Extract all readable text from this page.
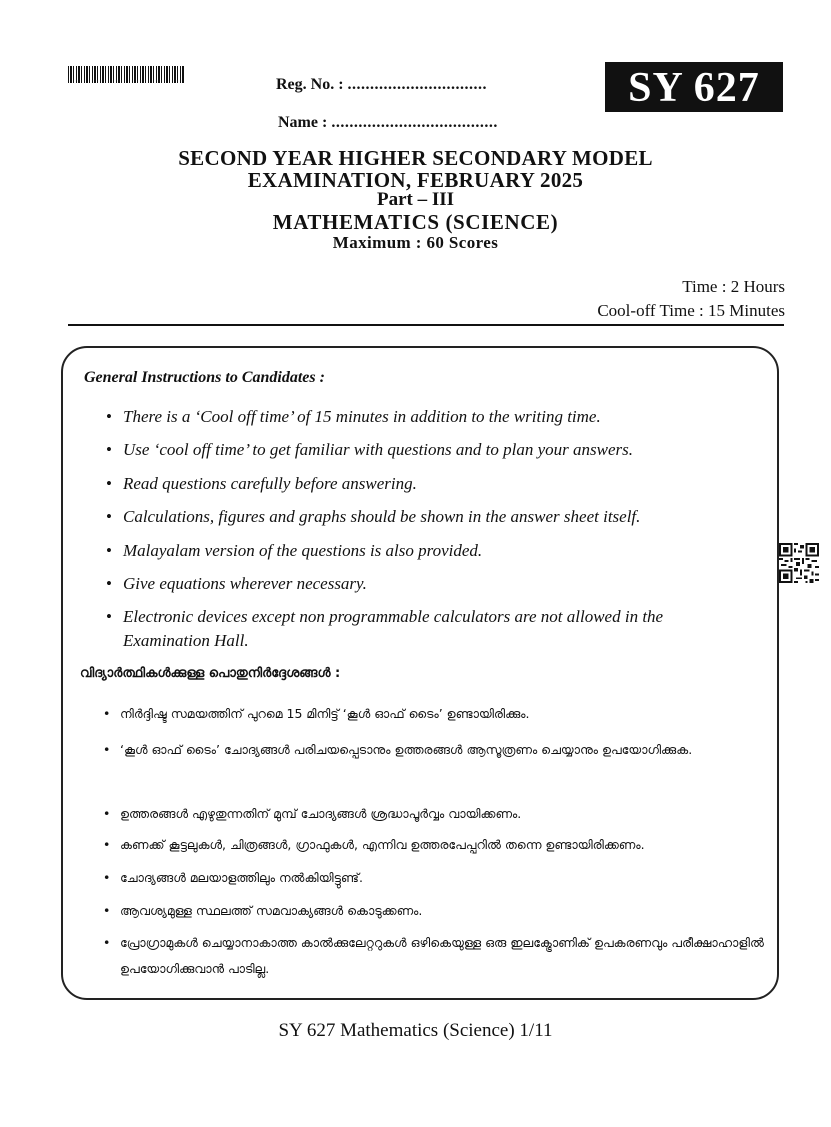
Reg. No. : ...............................
Name : .....................................
SY 627
SECOND YEAR HIGHER SECONDARY MODEL
EXAMINATION, FEBRUARY 2025
Part – III
MATHEMATICS (SCIENCE)
Maximum : 60 Scores
Time : 2 Hours
Cool-off Time : 15 Minutes
General Instructions to Candidates :
• There is a ‘Cool off time’ of 15 minutes in addition to the writing time.
• Use ‘cool off time’ to get familiar with questions and to plan your answers.
• Read questions carefully before answering.
• Calculations, figures and graphs should be shown in the answer sheet itself.
• Malayalam version of the questions is also provided.
• Give equations wherever necessary.
• Electronic devices except non programmable calculators are not allowed in the Examination Hall.
വിദ്യാർത്ഥികൾക്കുള്ള പൊതുനിർദ്ദേശങ്ങൾ :
• നിർദ്ദിഷ്ട സമയത്തിന് പുറമെ 15 മിനിട്ട് ‘കൂൾ ഓഫ് ടൈം’ ഉണ്ടായിരിക്കും.
• ‘കൂൾ ഓഫ് ടൈം’ ചോദ്യങ്ങൾ പരിചയപ്പെടാനും ഉത്തരങ്ങൾ ആസൂത്രണം ചെയ്യാനും ഉപയോഗിക്കുക.
• ഉത്തരങ്ങൾ എഴുതുന്നതിന് മുമ്പ് ചോദ്യങ്ങൾ ശ്രദ്ധാപൂർവ്വം വായിക്കണം.
• കണക്ക് കൂട്ടലുകൾ, ചിത്രങ്ങൾ, ഗ്രാഫുകൾ, എന്നിവ ഉത്തരപേപ്പറിൽ തന്നെ ഉണ്ടായിരിക്കണം.
• ചോദ്യങ്ങൾ മലയാളത്തിലും നൽകിയിട്ടുണ്ട്.
• ആവശ്യമുള്ള സ്ഥലത്ത് സമവാക്യങ്ങൾ കൊടുക്കണം.
• പ്രോഗ്രാമുകൾ ചെയ്യാനാകാത്ത കാൽക്കുലേറ്ററുകൾ ഒഴികെയുള്ള ഒരു ഇലക്ട്രോണിക് ഉപകരണവും പരീക്ഷാഹാളിൽ ഉപയോഗിക്കുവാൻ പാടില്ല.
SY 627 Mathematics (Science) 1/11
